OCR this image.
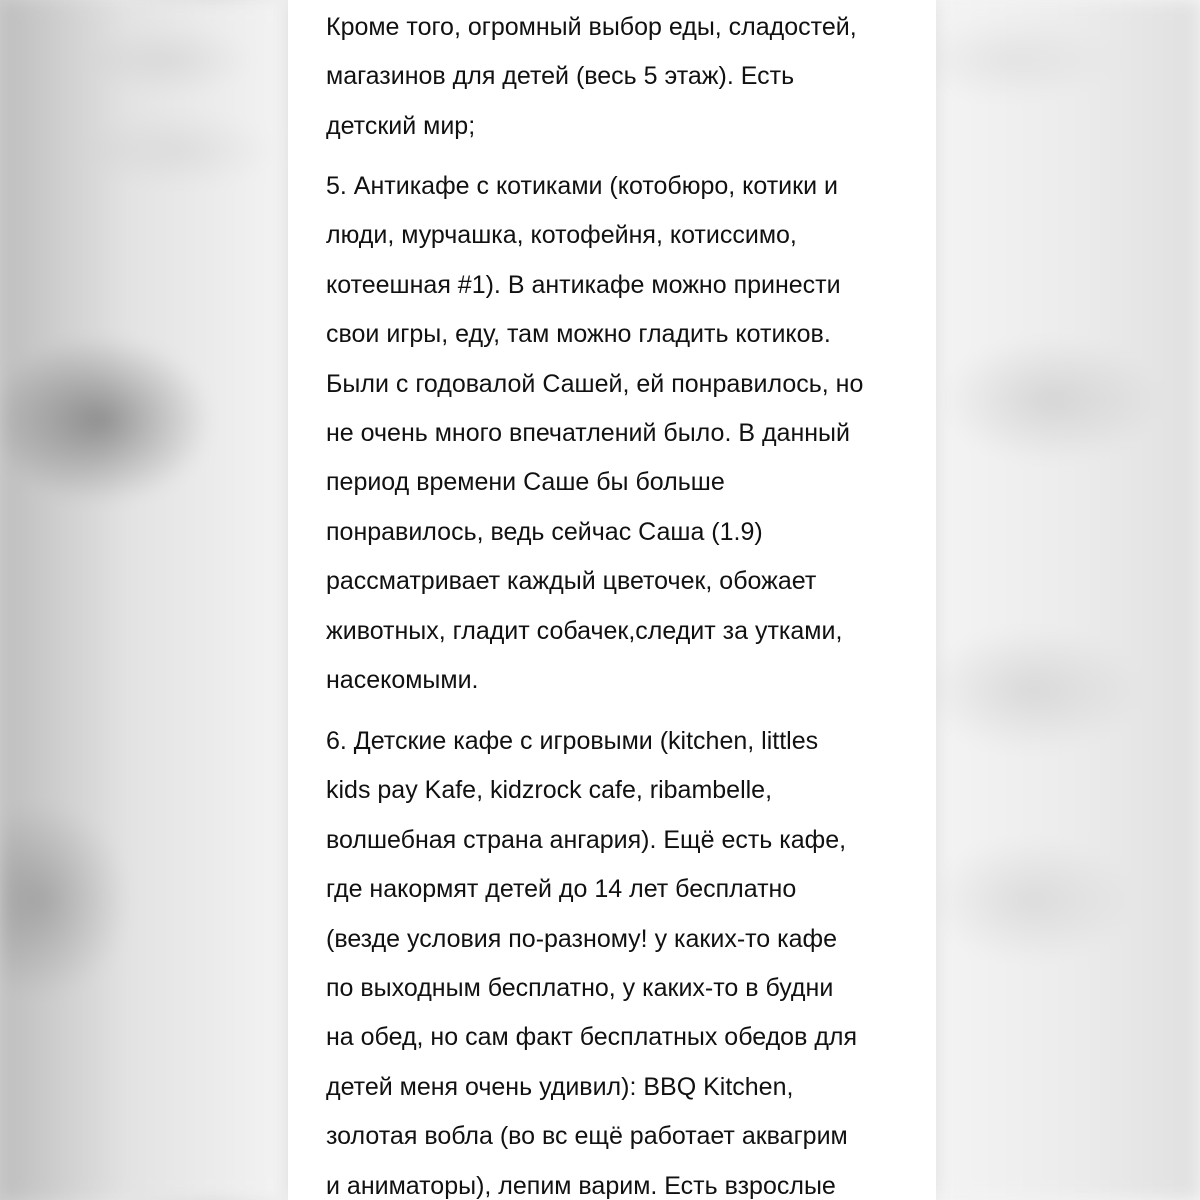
Кроме того, огромный выбор еды, сладостей,
магазинов для детей (весь 5 этаж). Есть
детский мир;

5. Антикафе с котиками (котобюро, котики и
люди, мурчашка, котофейня, котиссимо,
котеешная #1). В антикафе можно принести
свои игры, еду, там можно гладить котиков.
Были с годовалой Сашей, ей понравилось, но
не очень много впечатлений было. В данный
период времени Саше бы больше
понравилось, ведь сейчас Саша (1.9)
рассматривает каждый цветочек, обожает
животных, гладит собачек,следит за утками,
насекомыми.

6. Детские кафе с игровыми (kitchen, littles
kids pay Kafe, kidzrock cafe, ribambelle,
волшебная страна ангария). Ещё есть кафе,
где накормят детей до 14 лет бесплатно
(везде условия по-разному! у каких-то кафе
по выходным бесплатно, у каких-то в будни
на обед, но сам факт бесплатных обедов для
детей меня очень удивил): BBQ Kitchen,
золотая вобла (во вс ещё работает аквагрим
и аниматоры), лепим варим. Есть взрослые
